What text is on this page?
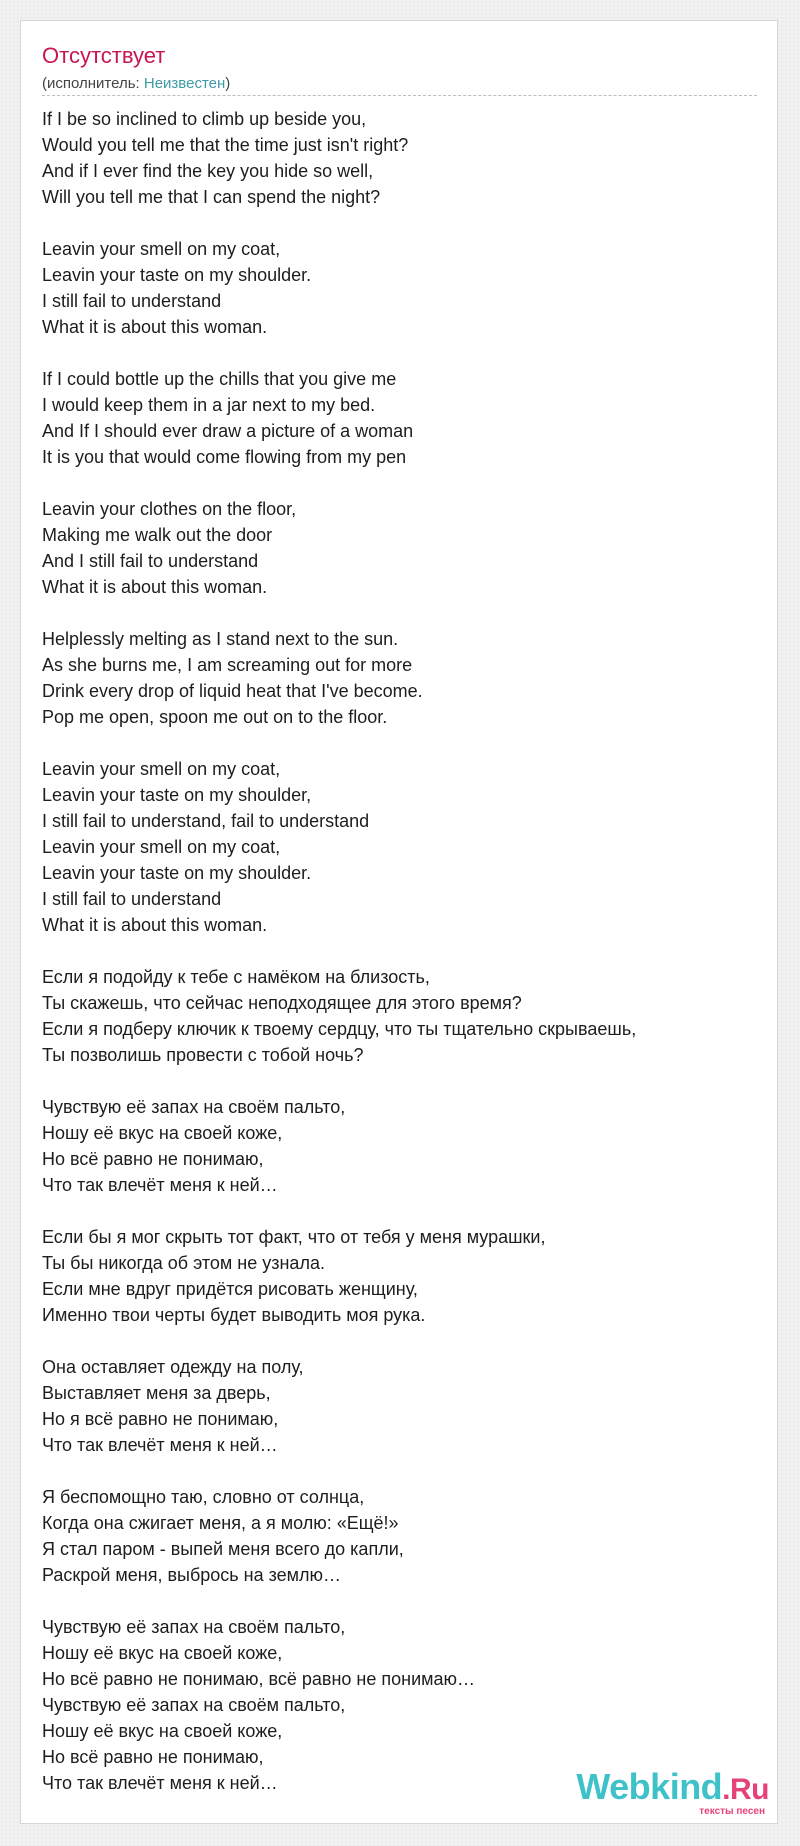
Отсутствует
(исполнитель: Неизвестен)
If I be so inclined to climb up beside you,
Would you tell me that the time just isn't right?
And if I ever find the key you hide so well,
Will you tell me that I can spend the night?
Leavin your smell on my coat,
Leavin your taste on my shoulder.
I still fail to understand
What it is about this woman.
If I could bottle up the chills that you give me
I would keep them in a jar next to my bed.
And If I should ever draw a picture of a woman
It is you that would come flowing from my pen
Leavin your clothes on the floor,
Making me walk out the door
And I still fail to understand
What it is about this woman.
Helplessly melting as I stand next to the sun.
As she burns me, I am screaming out for more
Drink every drop of liquid heat that I've become.
Pop me open, spoon me out on to the floor.
Leavin your smell on my coat,
Leavin your taste on my shoulder,
I still fail to understand, fail to understand
Leavin your smell on my coat,
Leavin your taste on my shoulder.
I still fail to understand
What it is about this woman.
Если я подойду к тебе с намёком на близость,
Ты скажешь, что сейчас неподходящее для этого время?
Если я подберу ключик к твоему сердцу, что ты тщательно скрываешь,
Ты позволишь провести с тобой ночь?
Чувствую её запах на своём пальто,
Ношу её вкус на своей коже,
Но всё равно не понимаю,
Что так влечёт меня к ней…
Если бы я мог скрыть тот факт, что от тебя у меня мурашки,
Ты бы никогда об этом не узнала.
Если мне вдруг придётся рисовать женщину,
Именно твои черты будет выводить моя рука.
Она оставляет одежду на полу,
Выставляет меня за дверь,
Но я всё равно не понимаю,
Что так влечёт меня к ней…
Я беспомощно таю, словно от солнца,
Когда она сжигает меня, а я молю: «Ещё!»
Я стал паром - выпей меня всего до капли,
Раскрой меня, выбрось на землю…
Чувствую её запах на своём пальто,
Ношу её вкус на своей коже,
Но всё равно не понимаю, всё равно не понимаю…
Чувствую её запах на своём пальто,
Ношу её вкус на своей коже,
Но всё равно не понимаю,
Что так влечёт меня к ней…	Webkind.Ru
тексты песен
